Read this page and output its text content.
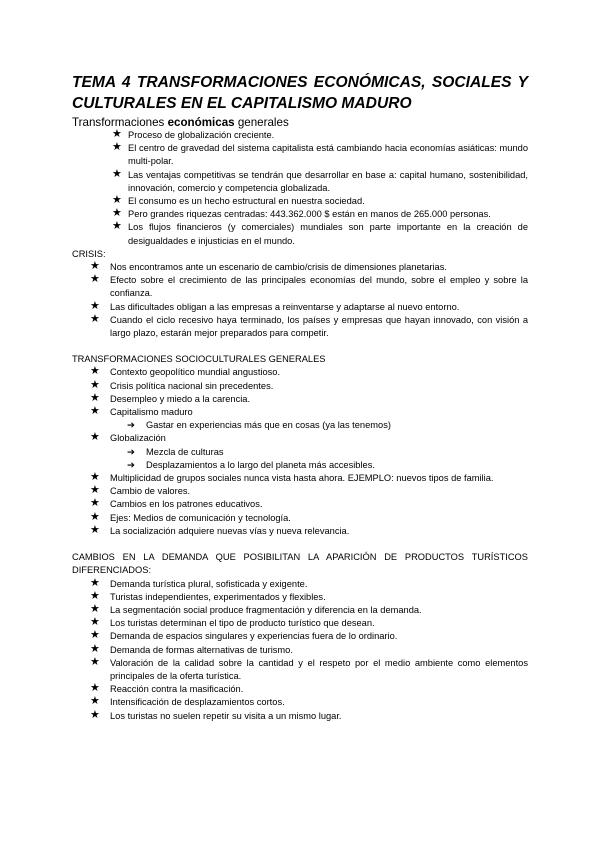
TEMA 4 TRANSFORMACIONES ECONÓMICAS, SOCIALES Y CULTURALES EN EL CAPITALISMO MADURO
Transformaciones económicas generales
★ Proceso de globalización creciente.
★ El centro de gravedad del sistema capitalista está cambiando hacia economías asiáticas: mundo multi-polar.
★ Las ventajas competitivas se tendrán que desarrollar en base a: capital humano, sostenibilidad, innovación, comercio y competencia globalizada.
★ El consumo es un hecho estructural en nuestra sociedad.
★ Pero grandes riquezas centradas: 443.362.000 $ están en manos de 265.000 personas.
★ Los flujos financieros (y comerciales) mundiales son parte importante en la creación de desigualdades e injusticias en el mundo.
CRISIS:
★ Nos encontramos ante un escenario de cambio/crisis de dimensiones planetarias.
★ Efecto sobre el crecimiento de las principales economías del mundo, sobre el empleo y sobre la confianza.
★ Las dificultades obligan a las empresas a reinventarse y adaptarse al nuevo entorno.
★ Cuando el ciclo recesivo haya terminado, los países y empresas que hayan innovado, con visión a largo plazo, estarán mejor preparados para competir.
TRANSFORMACIONES SOCIOCULTURALES GENERALES
★ Contexto geopolítico mundial angustioso.
★ Crisis política nacional sin precedentes.
★ Desempleo y miedo a la carencia.
★ Capitalismo maduro
➔ Gastar en experiencias más que en cosas (ya las tenemos)
★ Globalización
➔ Mezcla de culturas
➔ Desplazamientos a lo largo del planeta más accesibles.
★ Multiplicidad de grupos sociales nunca vista hasta ahora. EJEMPLO: nuevos tipos de familia.
★ Cambio de valores.
★ Cambios en los patrones educativos.
★ Ejes: Medios de comunicación y tecnología.
★ La socialización adquiere nuevas vías y nueva relevancia.
CAMBIOS EN LA DEMANDA QUE POSIBILITAN LA APARICIÓN DE PRODUCTOS TURÍSTICOS DIFERENCIADOS:
★ Demanda turística plural, sofisticada y exigente.
★ Turistas independientes, experimentados y flexibles.
★ La segmentación social produce fragmentación y diferencia en la demanda.
★ Los turistas determinan el tipo de producto turístico que desean.
★ Demanda de espacios singulares y experiencias fuera de lo ordinario.
★ Demanda de formas alternativas de turismo.
★ Valoración de la calidad sobre la cantidad y el respeto por el medio ambiente como elementos principales de la oferta turística.
★ Reacción contra la masificación.
★ Intensificación de desplazamientos cortos.
★ Los turistas no suelen repetir su visita a un mismo lugar.
